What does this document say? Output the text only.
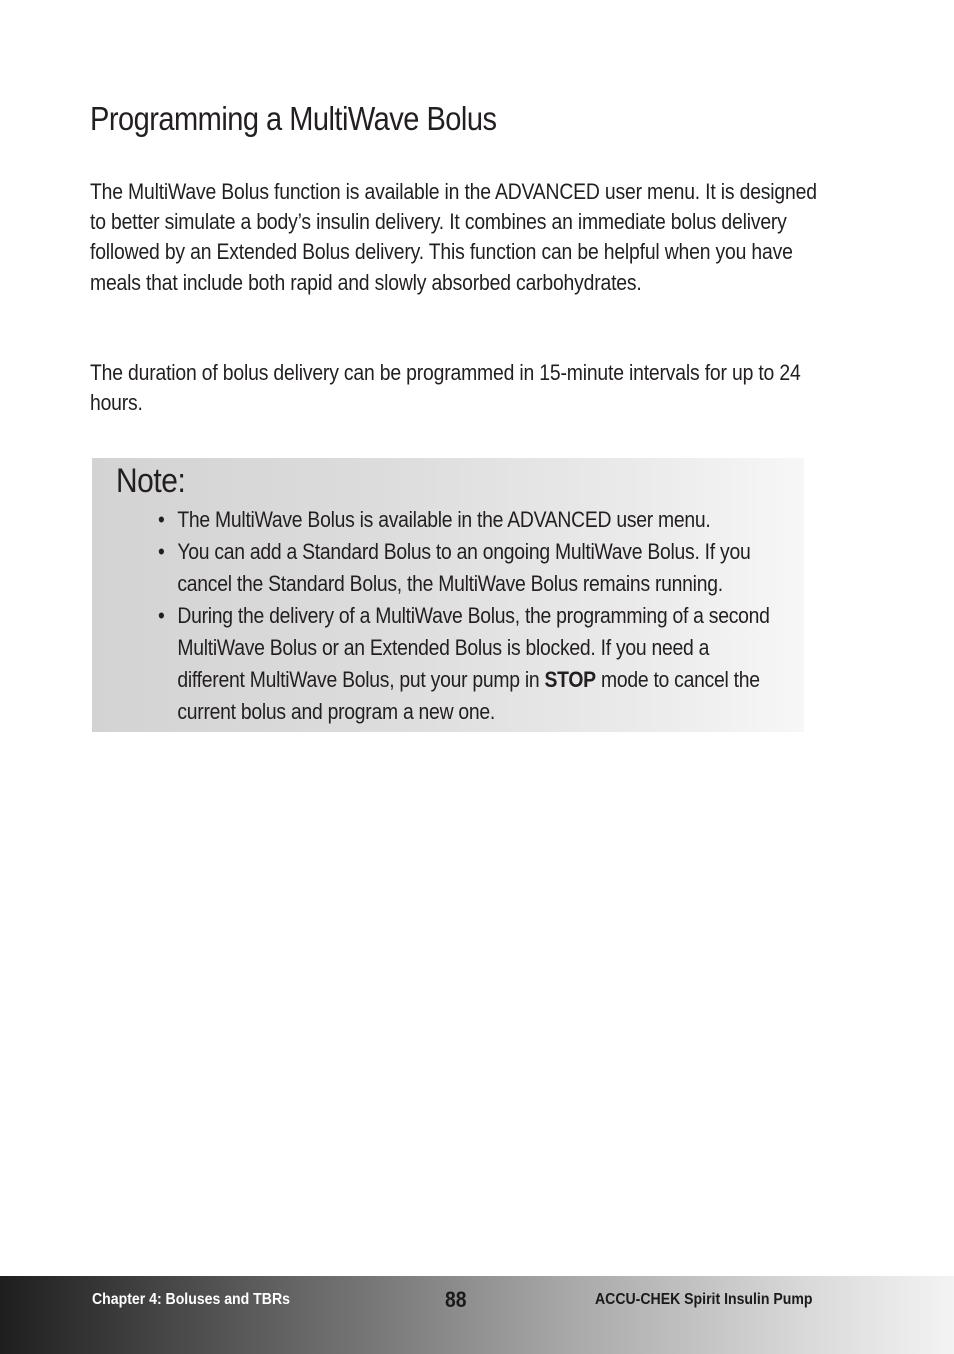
Programming a MultiWave Bolus

The MultiWave Bolus function is available in the ADVANCED user menu. It is designed to better simulate a body’s insulin delivery. It combines an immediate bolus delivery followed by an Extended Bolus delivery. This function can be helpful when you have meals that include both rapid and slowly absorbed carbohydrates.

The duration of bolus delivery can be programmed in 15-minute intervals for up to 24 hours.

Note:
• The MultiWave Bolus is available in the ADVANCED user menu.
• You can add a Standard Bolus to an ongoing MultiWave Bolus. If you cancel the Standard Bolus, the MultiWave Bolus remains running.
• During the delivery of a MultiWave Bolus, the programming of a second MultiWave Bolus or an Extended Bolus is blocked. If you need a different MultiWave Bolus, put your pump in STOP mode to cancel the current bolus and program a new one.
Chapter 4: Boluses and TBRs	88	ACCU-CHEK Spirit Insulin Pump
